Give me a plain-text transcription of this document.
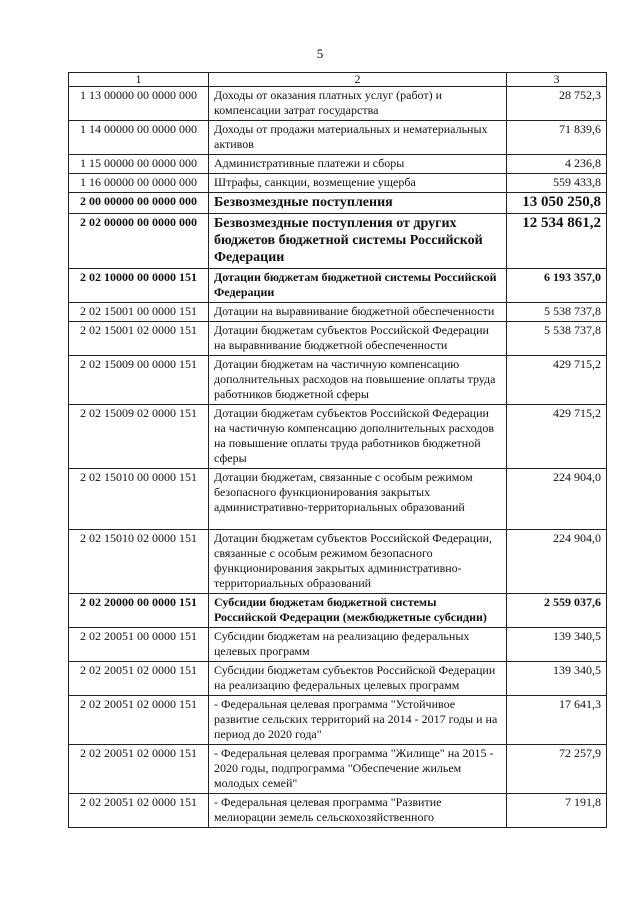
5
1	2	3
1 13 00000 00 0000 000	Доходы от оказания платных услуг (работ) и компенсации затрат государства	28 752,3
1 14 00000 00 0000 000	Доходы от продажи материальных и нематериальных активов	71 839,6
1 15 00000 00 0000 000	Административные платежи и сборы	4 236,8
1 16 00000 00 0000 000	Штрафы, санкции, возмещение ущерба	559 433,8
2 00 00000 00 0000 000	Безвозмездные поступления	13 050 250,8
2 02 00000 00 0000 000	Безвозмездные поступления от других бюджетов бюджетной системы Российской Федерации	12 534 861,2
2 02 10000 00 0000 151	Дотации бюджетам бюджетной системы Российской Федерации	6 193 357,0
2 02 15001 00 0000 151	Дотации на выравнивание бюджетной обеспеченности	5 538 737,8
2 02 15001 02 0000 151	Дотации бюджетам субъектов Российской Федерации на выравнивание бюджетной обеспеченности	5 538 737,8
2 02 15009 00 0000 151	Дотации бюджетам на частичную компенсацию дополнительных расходов на повышение оплаты труда работников бюджетной сферы	429 715,2
2 02 15009 02 0000 151	Дотации бюджетам субъектов Российской Федерации на частичную компенсацию дополнительных расходов на повышение оплаты труда работников бюджетной сферы	429 715,2
2 02 15010 00 0000 151	Дотации бюджетам, связанные с особым режимом безопасного функционирования закрытых административно-территориальных образований	224 904,0
2 02 15010 02 0000 151	Дотации бюджетам субъектов Российской Федерации, связанные с особым режимом безопасного функционирования закрытых административно-территориальных образований	224 904,0
2 02 20000 00 0000 151	Субсидии бюджетам бюджетной системы Российской Федерации (межбюджетные субсидии)	2 559 037,6
2 02 20051 00 0000 151	Субсидии бюджетам на реализацию федеральных целевых программ	139 340,5
2 02 20051 02 0000 151	Субсидии бюджетам субъектов Российской Федерации на реализацию федеральных целевых программ	139 340,5
2 02 20051 02 0000 151	- Федеральная целевая программа "Устойчивое развитие сельских территорий на 2014 - 2017 годы и на период до 2020 года"	17 641,3
2 02 20051 02 0000 151	- Федеральная целевая программа "Жилище" на 2015 - 2020 годы, подпрограмма "Обеспечение жильем молодых семей"	72 257,9
2 02 20051 02 0000 151	- Федеральная целевая программа "Развитие мелиорации земель сельскохозяйственного	7 191,8
